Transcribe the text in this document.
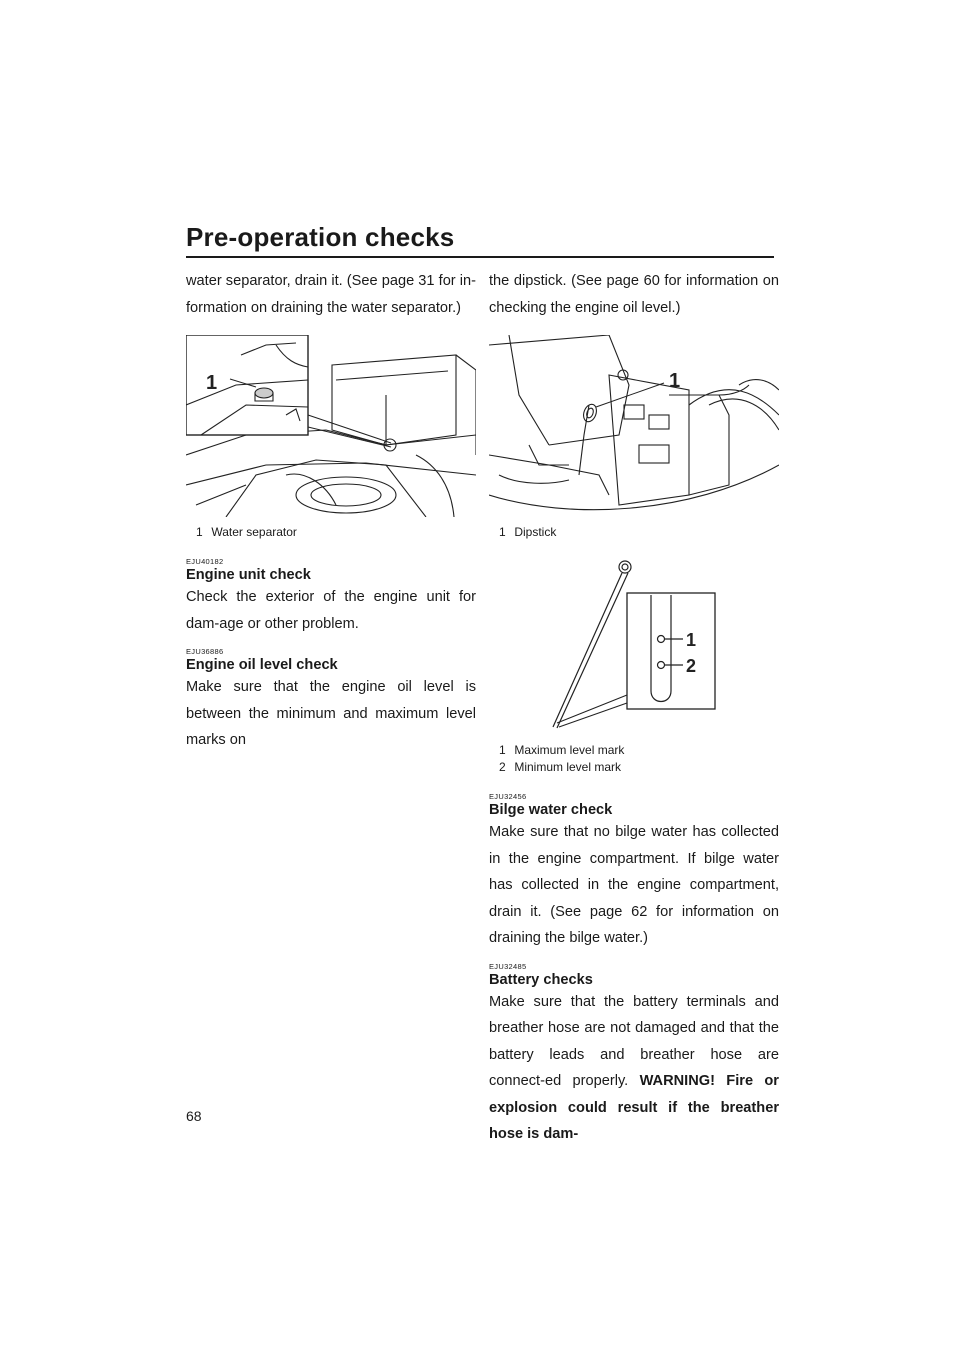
Pre-operation checks

water separator, drain it. (See page 31 for in-formation on draining the water separator.)

1
1 Water separator
EJU40182
Engine unit check

Check the exterior of the engine unit for dam-age or other problem.

EJU36886
Engine oil level check

Make sure that the engine oil level is between the minimum and maximum level marks on

the dipstick. (See page 60 for information on checking the engine oil level.)

1
1 Dipstick
1
2
1 Maximum level mark
2 Minimum level mark
EJU32456
Bilge water check

Make sure that no bilge water has collected in the engine compartment. If bilge water has collected in the engine compartment, drain it. (See page 62 for information on draining the bilge water.)

EJU32485
Battery checks

Make sure that the battery terminals and breather hose are not damaged and that the battery leads and breather hose are connect-ed properly. WARNING! Fire or explosion could result if the breather hose is dam-

68
